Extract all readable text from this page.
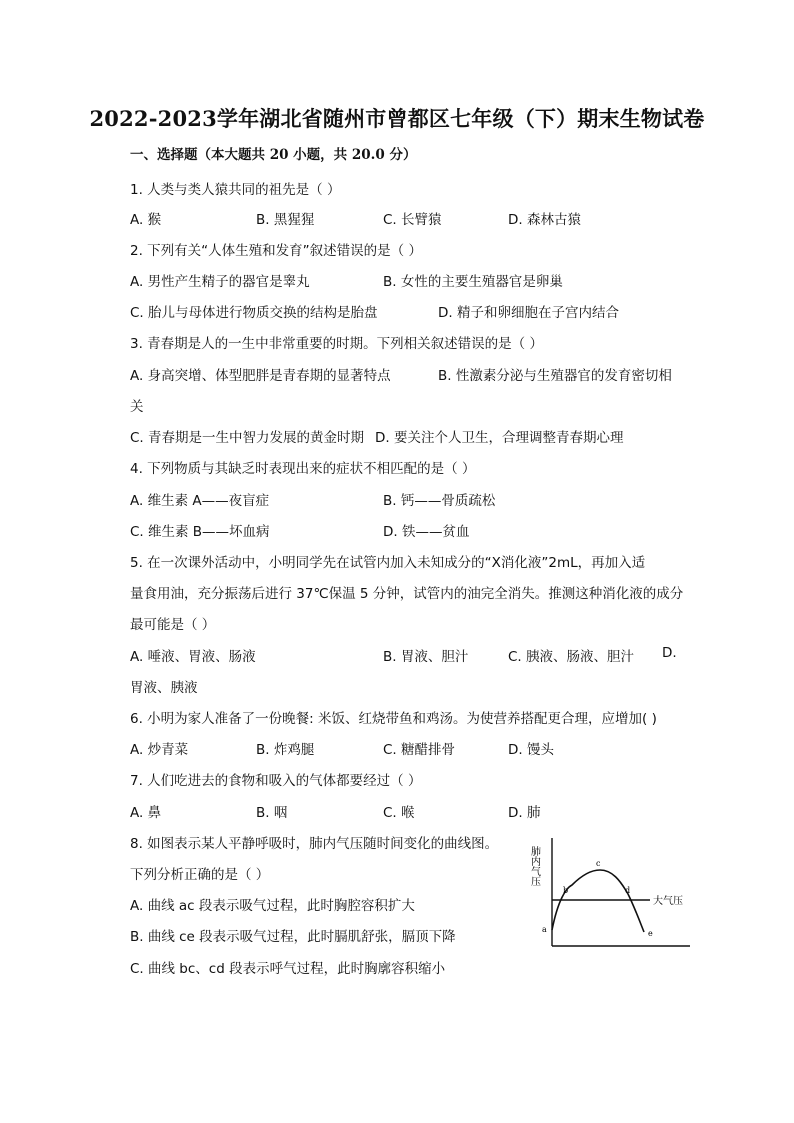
2022-2023学年湖北省随州市曾都区七年级（下）期末生物试卷
一、选择题（本大题共 20 小题，共 20.0 分）
1. 人类与类人猿共同的祖先是（ ）
A. 猴	B. 黑猩猩	C. 长臂猿	D. 森林古猿
2. 下列有关“人体生殖和发育”叙述错误的是（ ）
A. 男性产生精子的器官是睾丸	B. 女性的主要生殖器官是卵巢
C. 胎儿与母体进行物质交换的结构是胎盘	D. 精子和卵细胞在子宫内结合
3. 青春期是人的一生中非常重要的时期。下列相关叙述错误的是（ ）
A. 身高突增、体型肥胖是青春期的显著特点	B. 性激素分泌与生殖器官的发育密切相
关
C. 青春期是一生中智力发展的黄金时期 D. 要关注个人卫生，合理调整青春期心理
4. 下列物质与其缺乏时表现出来的症状不相匹配的是（ ）
A. 维生素 A——夜盲症	B. 钙——骨质疏松
C. 维生素 B——坏血病	D. 铁——贫血
5. 在一次课外活动中，小明同学先在试管内加入未知成分的“X消化液”2mL，再加入适
量食用油，充分振荡后进行 37℃保温 5 分钟，试管内的油完全消失。推测这种消化液的成分
最可能是（ ）
A. 唾液、胃液、肠液	B. 胃液、胆汁	C. 胰液、肠液、胆汁 D.
胃液、胰液
6. 小明为家人准备了一份晚餐: 米饭、红烧带鱼和鸡汤。为使营养搭配更合理，应增加( )
A. 炒青菜	B. 炸鸡腿	C. 糖醋排骨	D. 馒头
7. 人们吃进去的食物和吸入的气体都要经过（ ）
A. 鼻	B. 咽	C. 喉	D. 肺
8. 如图表示某人平静呼吸时，肺内气压随时间变化的曲线图。
下列分析正确的是（ ）
A. 曲线 ac 段表示吸气过程，此时胸腔容积扩大
B. 曲线 ce 段表示吸气过程，此时膈肌舒张，膈顶下降
C. 曲线 bc、cd 段表示呼气过程，此时胸廓容积缩小
肺内气压
大气压
a
b
c
d
e
